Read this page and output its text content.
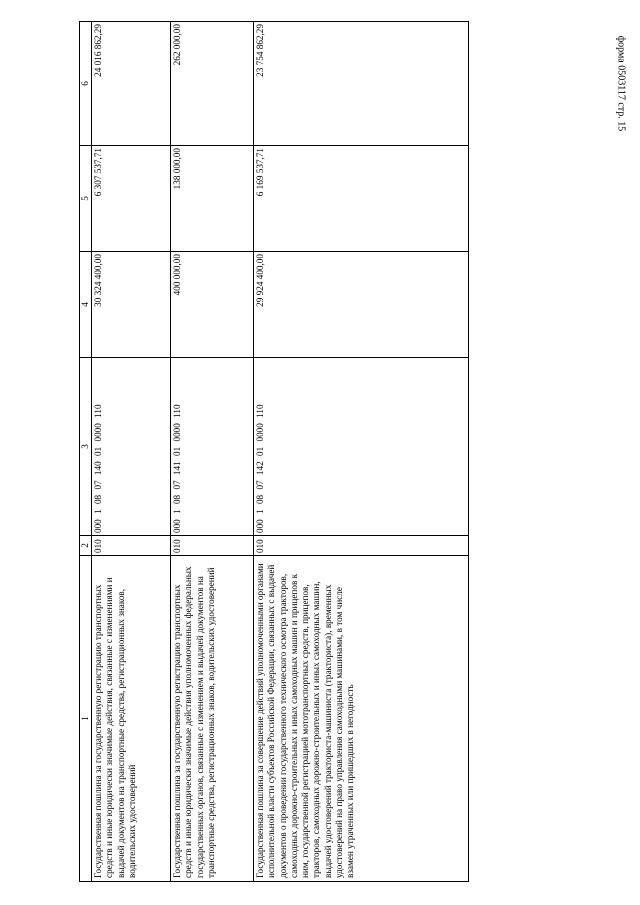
форма 0503117 стр. 15
1	2	3	4	5	6
Государственная пошлина за государственную регистрацию транспортных средств и иные юридически значимые действия, связанные с изменениями и выдачей документов на транспортные средства, регистрационных знаков, водительских удостоверений	010	000 1 08 07 140 01 0000 110	30 324 400,00	6 307 537,71	24 016 862,29
Государственная пошлина за государственную регистрацию транспортных средств и иные юридически значимые действия уполномоченных федеральных государственных органов, связанные с изменением и выдачей документов на транспортные средства, регистрационных знаков, водительских удостоверений	010	000 1 08 07 141 01 0000 110	400 000,00	138 000,00	262 000,00
Государственная пошлина за совершение действий уполномоченными органами исполнительной власти субъектов Российской Федерации, связанных с выдачей документов о проведении государственного технического осмотра тракторов, самоходных дорожно-строительных и иных самоходных машин и прицепов к ним, государственной регистрацией мототранспортных средств, прицепов, тракторов, самоходных дорожно-строительных и иных самоходных машин, выдачей удостоверений тракториста-машиниста (тракториста), временных удостоверений на право управления самоходными машинами, в том числе взамен утраченных или пришедших в негодность	010	000 1 08 07 142 01 0000 110	29 924 400,00	6 169 537,71	23 754 862,29
